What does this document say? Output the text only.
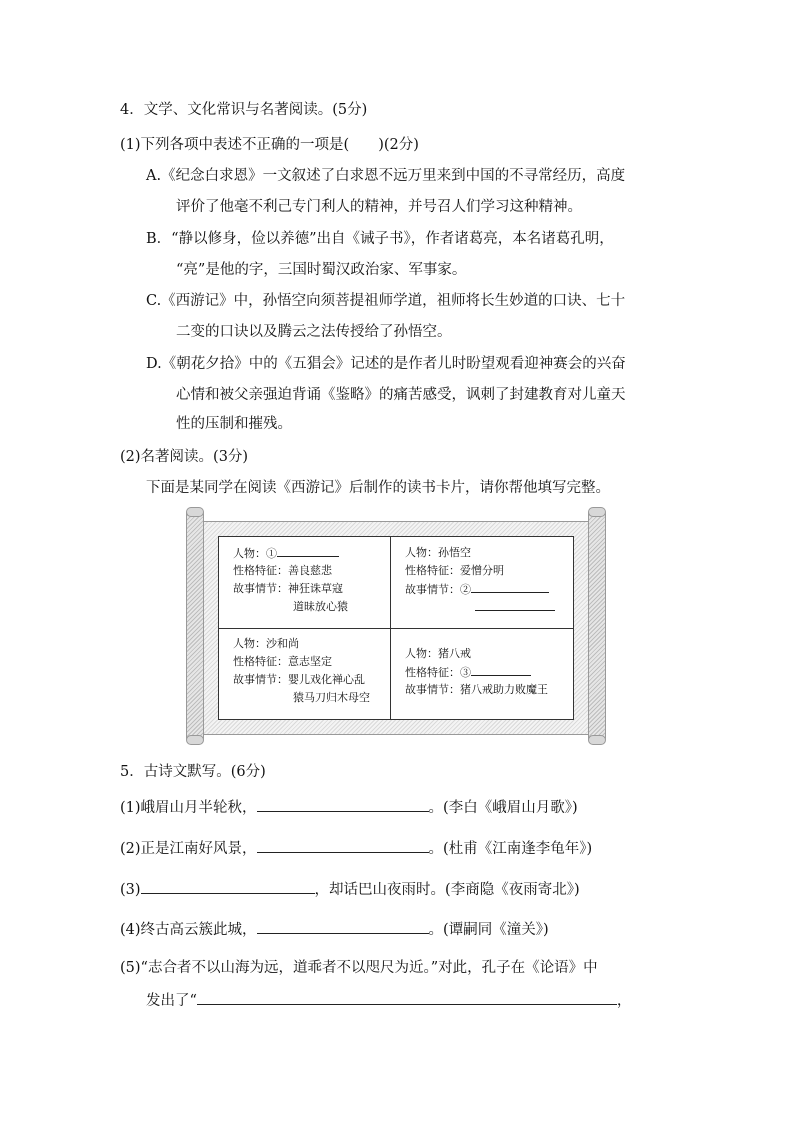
4．文学、文化常识与名著阅读。(5分)
(1)下列各项中表述不正确的一项是(　　)(2分)
A.《纪念白求恩》一文叙述了白求恩不远万里来到中国的不寻常经历，高度
评价了他毫不利己专门利人的精神，并号召人们学习这种精神。
B．“静以修身，俭以养德”出自《诫子书》，作者诸葛亮，本名诸葛孔明，
“亮”是他的字，三国时蜀汉政治家、军事家。
C.《西游记》中，孙悟空向须菩提祖师学道，祖师将长生妙道的口诀、七十
二变的口诀以及腾云之法传授给了孙悟空。
D.《朝花夕拾》中的《五猖会》记述的是作者儿时盼望观看迎神赛会的兴奋
心情和被父亲强迫背诵《鉴略》的痛苦感受，讽刺了封建教育对儿童天
性的压制和摧残。
(2)名著阅读。(3分)
下面是某同学在阅读《西游记》后制作的读书卡片，请你帮他填写完整。
人物：①
性格特征：善良慈悲
故事情节：神狂诛草寇
道昧放心猿
人物：孙悟空
性格特征：爱憎分明
故事情节：②
人物：沙和尚
性格特征：意志坚定
故事情节：婴儿戏化禅心乱
猿马刀归木母空
人物：猪八戒
性格特征：③
故事情节：猪八戒助力败魔王
5．古诗文默写。(6分)
(1)峨眉山月半轮秋，	。(李白《峨眉山月歌》)
(2)正是江南好风景，	。(杜甫《江南逢李龟年》)
(3)	，却话巴山夜雨时。(李商隐《夜雨寄北》)
(4)终古高云簇此城，	。(谭嗣同《潼关》)
(5)“志合者不以山海为远，道乖者不以咫尺为近。”对此，孔子在《论语》中
发出了“	，
